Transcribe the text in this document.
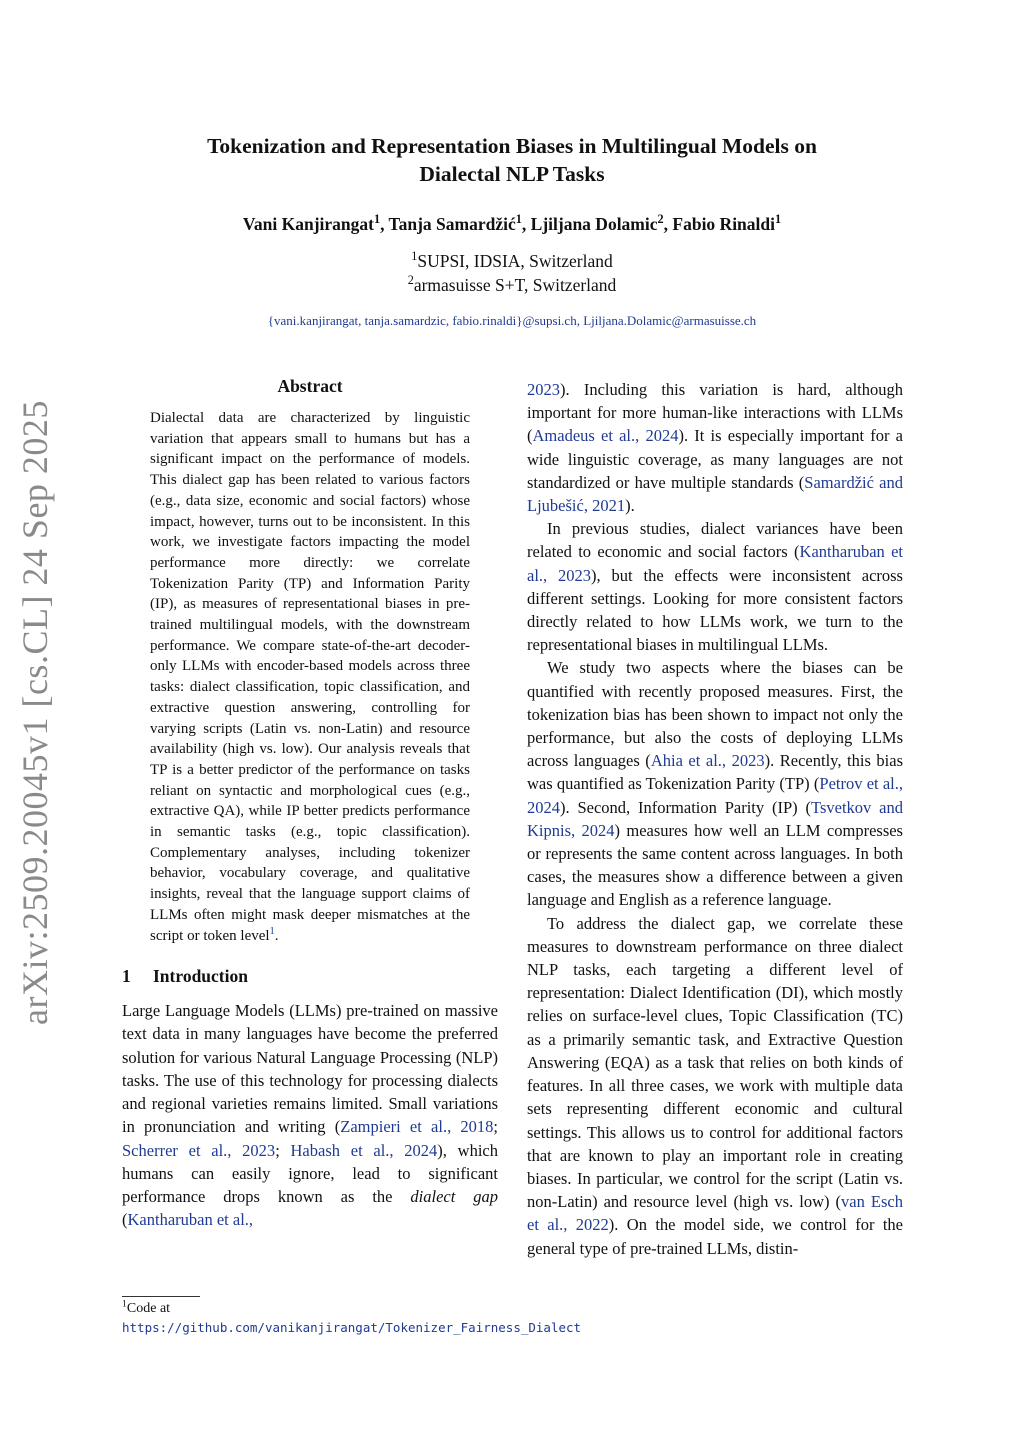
arXiv:2509.20045v1 [cs.CL] 24 Sep 2025
Tokenization and Representation Biases in Multilingual Models on
Dialectal NLP Tasks
Vani Kanjirangat$^1$, Tanja Samardžić$^1$, Ljiljana Dolamic$^2$, Fabio Rinaldi$^1$
$^1$SUPSI, IDSIA, Switzerland
$^2$armasuisse S+T, Switzerland
{vani.kanjirangat, tanja.samardzic, fabio.rinaldi}@supsi.ch, Ljiljana.Dolamic@armasuisse.ch
Abstract

Dialectal data are characterized by linguistic variation that appears small to humans but has a significant impact on the performance of models. This dialect gap has been related to various factors (e.g., data size, economic and social factors) whose impact, however, turns out to be inconsistent. In this work, we investigate factors impacting the model performance more directly: we correlate Tokenization Parity (TP) and Information Parity (IP), as measures of representational biases in pre-trained multilingual models, with the downstream performance. We compare state-of-the-art decoder-only LLMs with encoder-based models across three tasks: dialect classification, topic classification, and extractive question answering, controlling for varying scripts (Latin vs. non-Latin) and resource availability (high vs. low). Our analysis reveals that TP is a better predictor of the performance on tasks reliant on syntactic and morphological cues (e.g., extractive QA), while IP better predicts performance in semantic tasks (e.g., topic classification). Complementary analyses, including tokenizer behavior, vocabulary coverage, and qualitative insights, reveal that the language support claims of LLMs often might mask deeper mismatches at the script or token level$^1$.

1 Introduction

Large Language Models (LLMs) pre-trained on massive text data in many languages have become the preferred solution for various Natural Language Processing (NLP) tasks. The use of this technology for processing dialects and regional varieties remains limited. Small variations in pronunciation and writing (Zampieri et al., 2018; Scherrer et al., 2023; Habash et al., 2024), which humans can easily ignore, lead to significant performance drops known as the dialect gap (Kantharuban et al.,

$^1$Code at https://github.com/vanikanjirangat/Tokenizer_Fairness_Dialect

2023). Including this variation is hard, although important for more human-like interactions with LLMs (Amadeus et al., 2024). It is especially important for a wide linguistic coverage, as many languages are not standardized or have multiple standards (Samardžić and Ljubešić, 2021).

In previous studies, dialect variances have been related to economic and social factors (Kantharuban et al., 2023), but the effects were inconsistent across different settings. Looking for more consistent factors directly related to how LLMs work, we turn to the representational biases in multilingual LLMs.

We study two aspects where the biases can be quantified with recently proposed measures. First, the tokenization bias has been shown to impact not only the performance, but also the costs of deploying LLMs across languages (Ahia et al., 2023). Recently, this bias was quantified as Tokenization Parity (TP) (Petrov et al., 2024). Second, Information Parity (IP) (Tsvetkov and Kipnis, 2024) measures how well an LLM compresses or represents the same content across languages. In both cases, the measures show a difference between a given language and English as a reference language.

To address the dialect gap, we correlate these measures to downstream performance on three dialect NLP tasks, each targeting a different level of representation: Dialect Identification (DI), which mostly relies on surface-level clues, Topic Classification (TC) as a primarily semantic task, and Extractive Question Answering (EQA) as a task that relies on both kinds of features. In all three cases, we work with multiple data sets representing different economic and cultural settings. This allows us to control for additional factors that are known to play an important role in creating biases. In particular, we control for the script (Latin vs. non-Latin) and resource level (high vs. low) (van Esch et al., 2022). On the model side, we control for the general type of pre-trained LLMs, distin-
